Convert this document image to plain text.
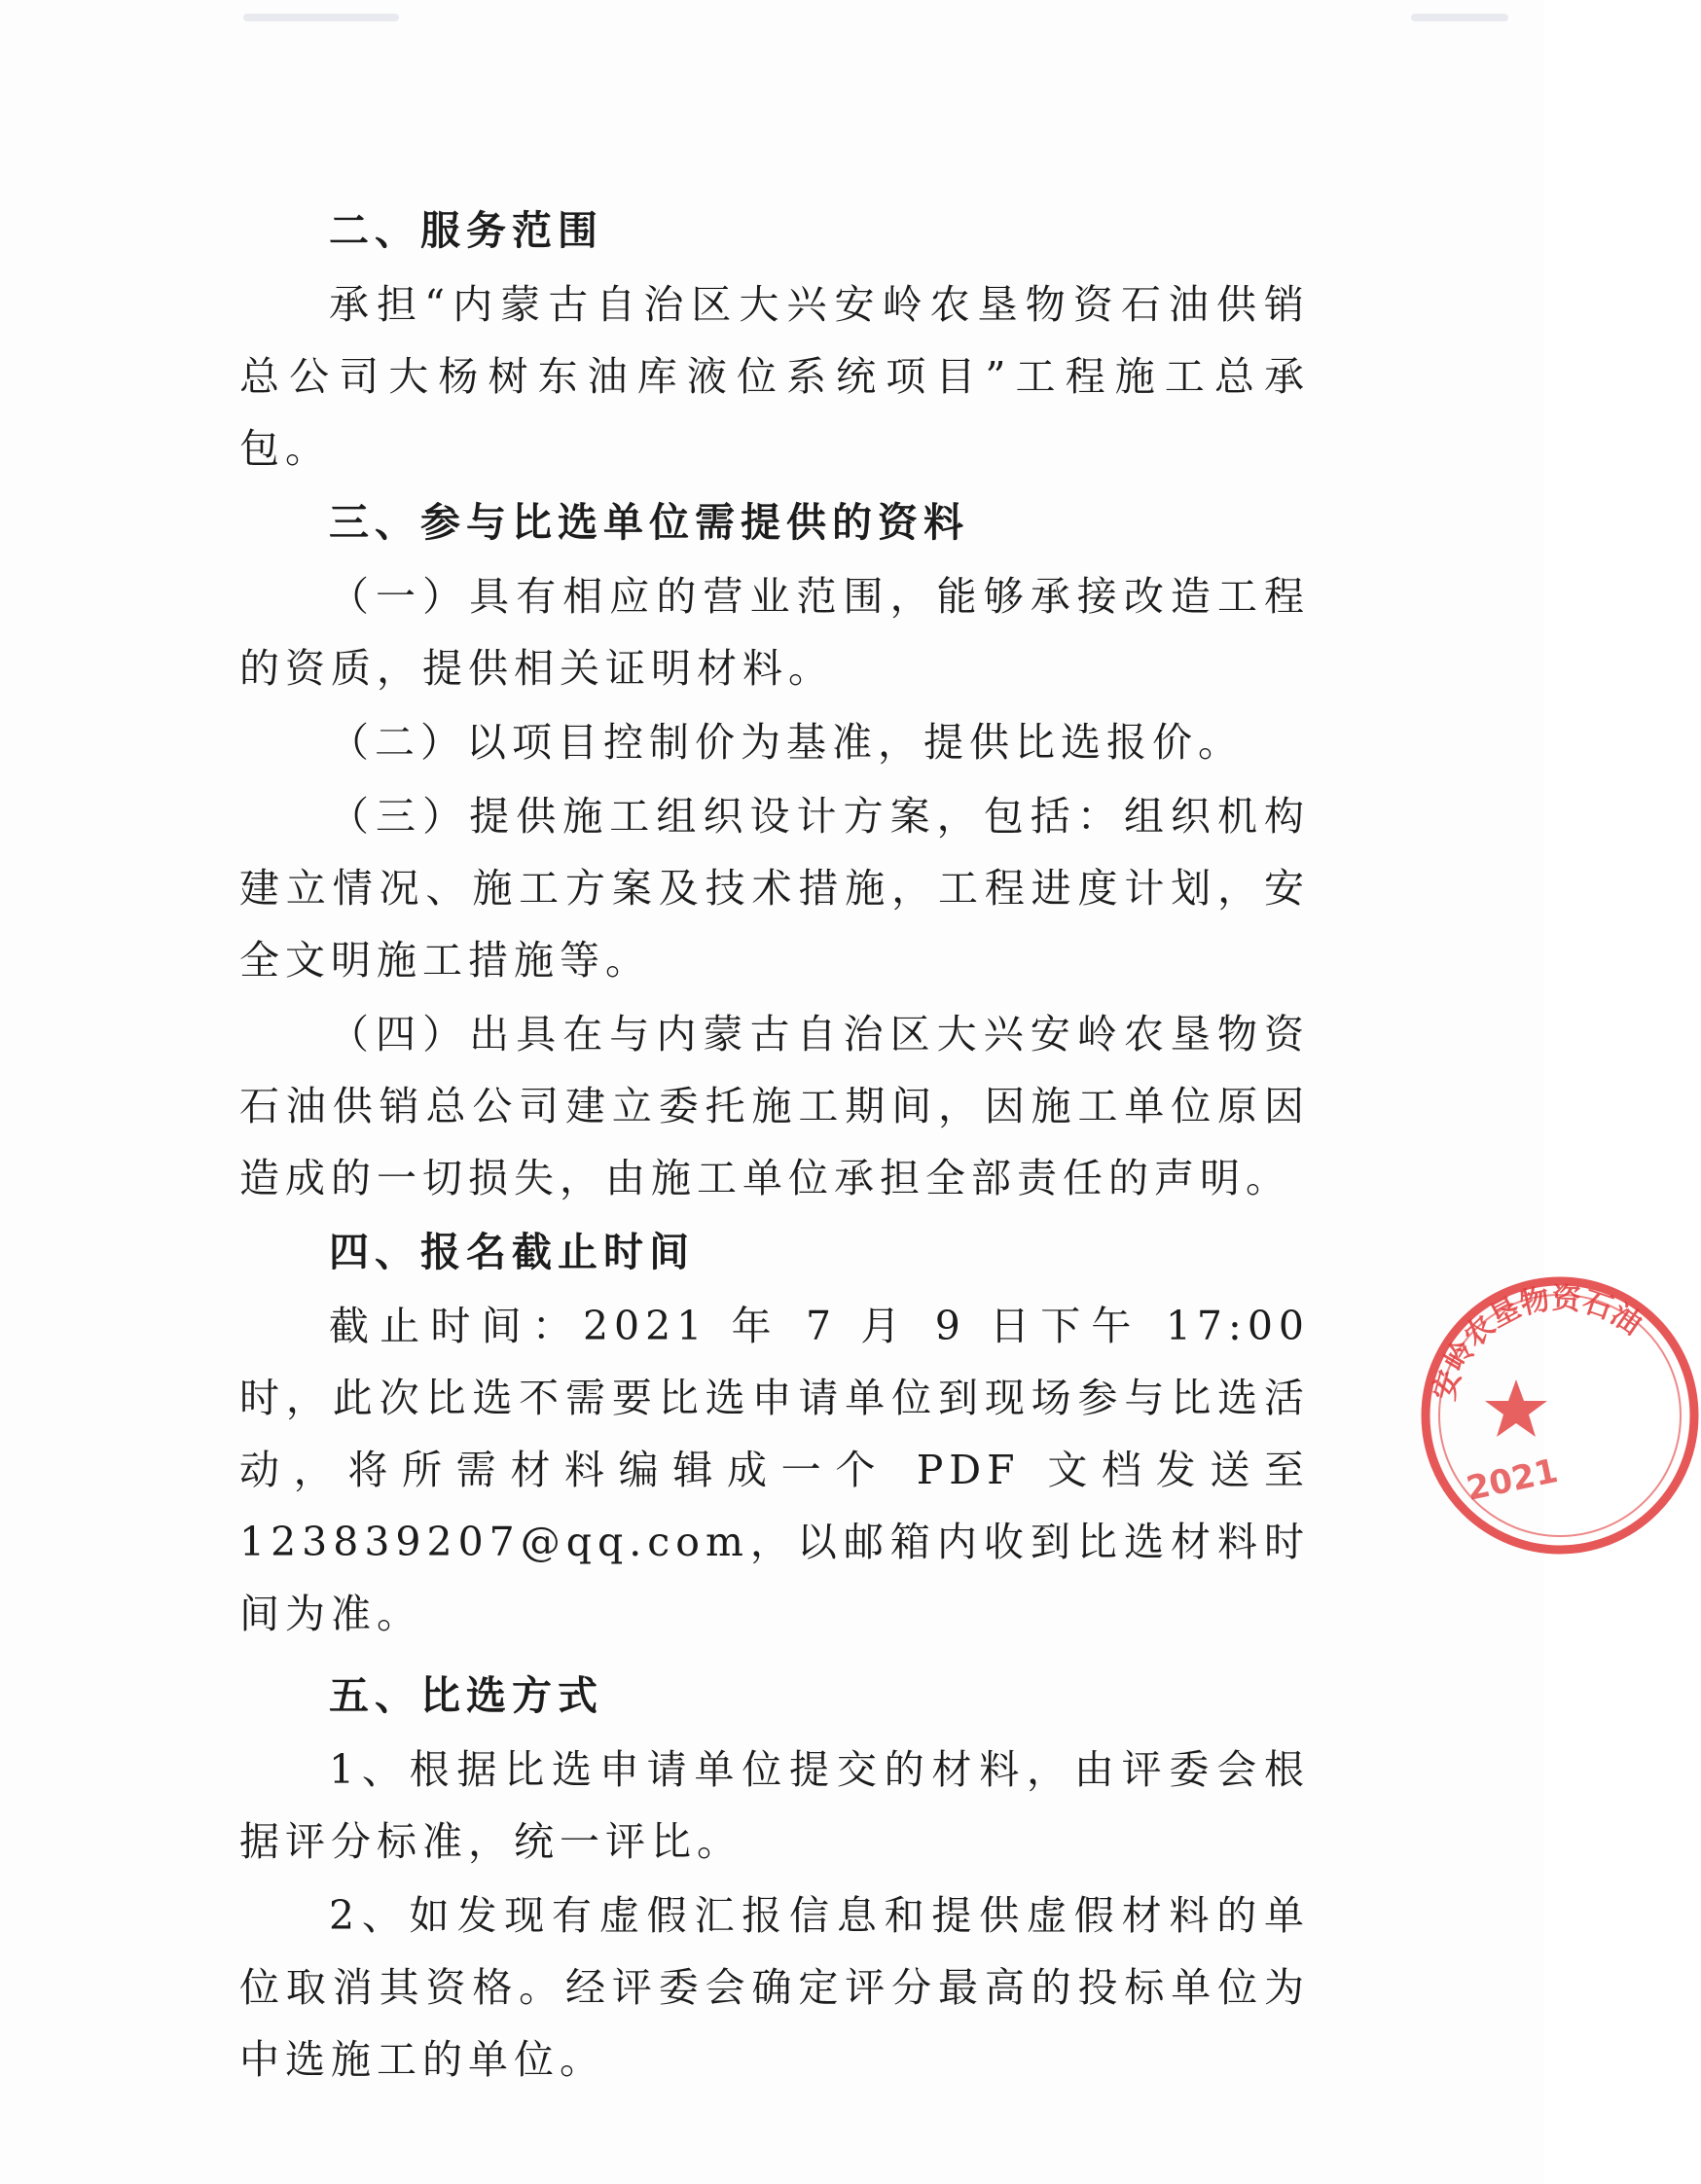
二、服务范围

承担“内蒙古自治区大兴安岭农垦物资石油供销总公司大杨树东油库液位系统项目”工程施工总承包。

三、参与比选单位需提供的资料

（一）具有相应的营业范围，能够承接改造工程的资质，提供相关证明材料。

（二）以项目控制价为基准，提供比选报价。

（三）提供施工组织设计方案，包括：组织机构建立情况、施工方案及技术措施，工程进度计划，安全文明施工措施等。

（四）出具在与内蒙古自治区大兴安岭农垦物资石油供销总公司建立委托施工期间，因施工单位原因造成的一切损失，由施工单位承担全部责任的声明。

四、报名截止时间

截止时间：2021 年 7 月 9 日下午 17:00 时，此次比选不需要比选申请单位到现场参与比选活动，将所需材料编辑成一个 PDF 文档发送至 123839207@qq.com，以邮箱内收到比选材料时间为准。

五、比选方式

1、根据比选申请单位提交的材料，由评委会根据评分标准，统一评比。

2、如发现有虚假汇报信息和提供虚假材料的单位取消其资格。经评委会确定评分最高的投标单位为中选施工的单位。

安岭农垦物资石油
2021
